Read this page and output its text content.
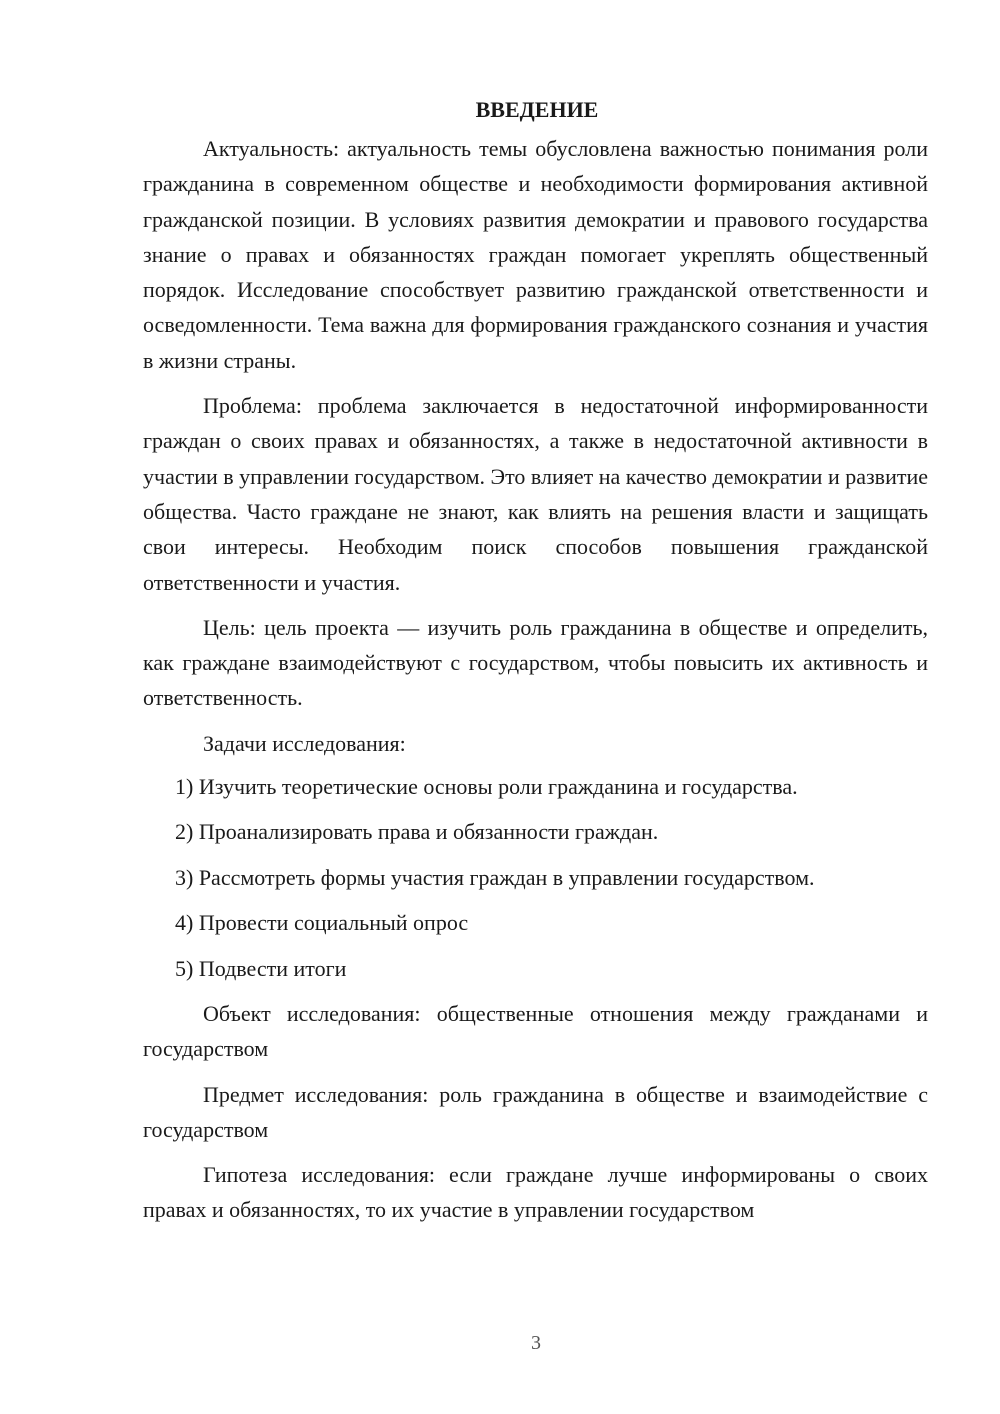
ВВЕДЕНИЕ

Актуальность: актуальность темы обусловлена важностью понимания роли гражданина в современном обществе и необходимости формирования активной гражданской позиции. В условиях развития демократии и правового государства знание о правах и обязанностях граждан помогает укреплять общественный порядок. Исследование способствует развитию гражданской ответственности и осведомленности. Тема важна для формирования гражданского сознания и участия в жизни страны.

Проблема: проблема заключается в недостаточной информированности граждан о своих правах и обязанностях, а также в недостаточной активности в участии в управлении государством. Это влияет на качество демократии и развитие общества. Часто граждане не знают, как влиять на решения власти и защищать свои интересы. Необходим поиск способов повышения гражданской ответственности и участия.

Цель: цель проекта — изучить роль гражданина в обществе и определить, как граждане взаимодействуют с государством, чтобы повысить их активность и ответственность.

Задачи исследования:

1) Изучить теоретические основы роли гражданина и государства.
2) Проанализировать права и обязанности граждан.
3) Рассмотреть формы участия граждан в управлении государством.
4) Провести социальный опрос
5) Подвести итоги

Объект исследования: общественные отношения между гражданами и государством

Предмет исследования: роль гражданина в обществе и взаимодействие с государством

Гипотеза исследования: если граждане лучше информированы о своих правах и обязанностях, то их участие в управлении государством

3
